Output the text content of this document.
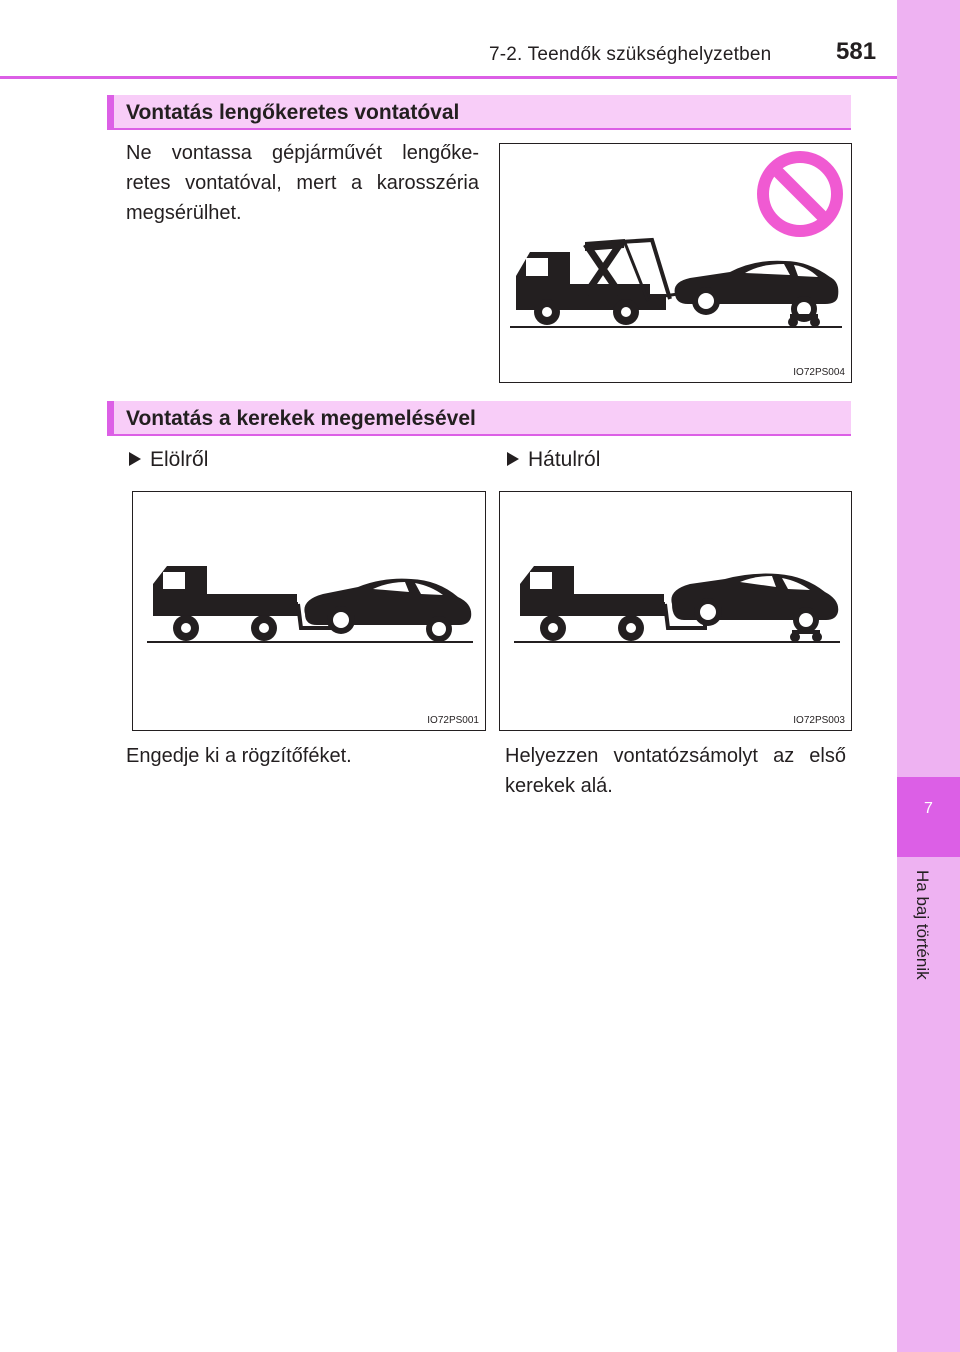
7
Ha baj történik
7-2. Teendők szükséghelyzetben	581
Vontatás lengőkeretes vontatóval
Ne vontassa gépjárművét lengőke-retes vontatóval, mert a karosszéria megsérülhet.
IO72PS004
Vontatás a kerekek megemelésével
Elölről	Hátulról
IO72PS001	IO72PS003
Engedje ki a rögzítőféket.	Helyezzen vontatózsámolyt az első kerekek alá.
